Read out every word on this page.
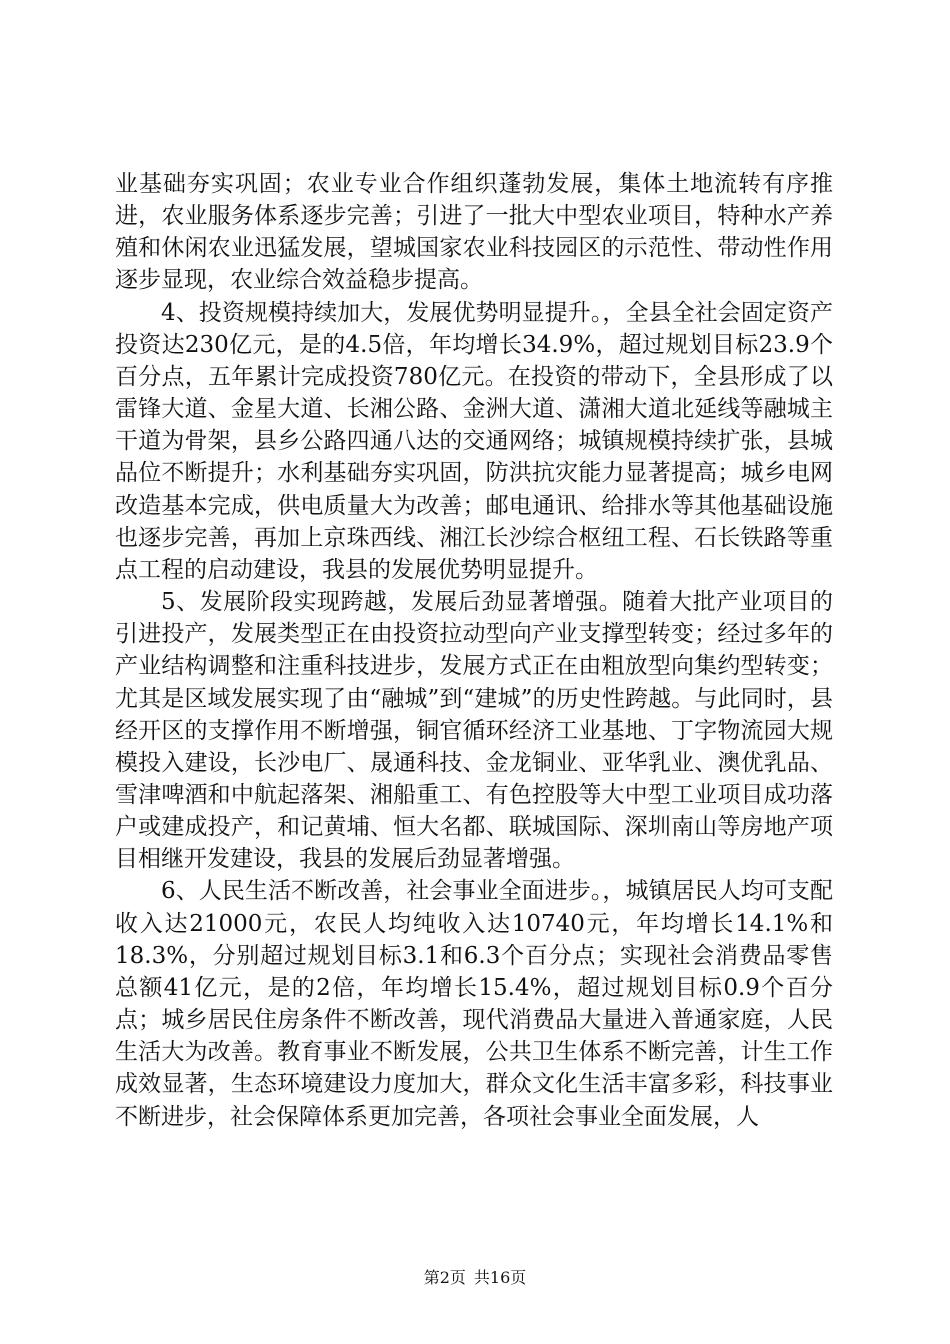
业基础夯实巩固；农业专业合作组织蓬勃发展，集体土地流转有序推进，农业服务体系逐步完善；引进了一批大中型农业项目，特种水产养殖和休闲农业迅猛发展，望城国家农业科技园区的示范性、带动性作用逐步显现，农业综合效益稳步提高。

4、投资规模持续加大，发展优势明显提升。，全县全社会固定资产投资达230亿元，是的4.5倍，年均增长34.9%，超过规划目标23.9个百分点，五年累计完成投资780亿元。在投资的带动下，全县形成了以雷锋大道、金星大道、长湘公路、金洲大道、潇湘大道北延线等融城主干道为骨架，县乡公路四通八达的交通网络；城镇规模持续扩张，县城品位不断提升；水利基础夯实巩固，防洪抗灾能力显著提高；城乡电网改造基本完成，供电质量大为改善；邮电通讯、给排水等其他基础设施也逐步完善，再加上京珠西线、湘江长沙综合枢纽工程、石长铁路等重点工程的启动建设，我县的发展优势明显提升。

5、发展阶段实现跨越，发展后劲显著增强。随着大批产业项目的引进投产，发展类型正在由投资拉动型向产业支撑型转变；经过多年的产业结构调整和注重科技进步，发展方式正在由粗放型向集约型转变；尤其是区域发展实现了由“融城”到“建城”的历史性跨越。与此同时，县经开区的支撑作用不断增强，铜官循环经济工业基地、丁字物流园大规模投入建设，长沙电厂、晟通科技、金龙铜业、亚华乳业、澳优乳品、雪津啤酒和中航起落架、湘船重工、有色控股等大中型工业项目成功落户或建成投产，和记黄埔、恒大名都、联城国际、深圳南山等房地产项目相继开发建设，我县的发展后劲显著增强。

6、人民生活不断改善，社会事业全面进步。，城镇居民人均可支配收入达21000元，农民人均纯收入达10740元，年均增长14.1%和18.3%，分别超过规划目标3.1和6.3个百分点；实现社会消费品零售总额41亿元，是的2倍，年均增长15.4%，超过规划目标0.9个百分点；城乡居民住房条件不断改善，现代消费品大量进入普通家庭，人民生活大为改善。教育事业不断发展，公共卫生体系不断完善，计生工作成效显著，生态环境建设力度加大，群众文化生活丰富多彩，科技事业不断进步，社会保障体系更加完善，各项社会事业全面发展，人

第2页 共16页
